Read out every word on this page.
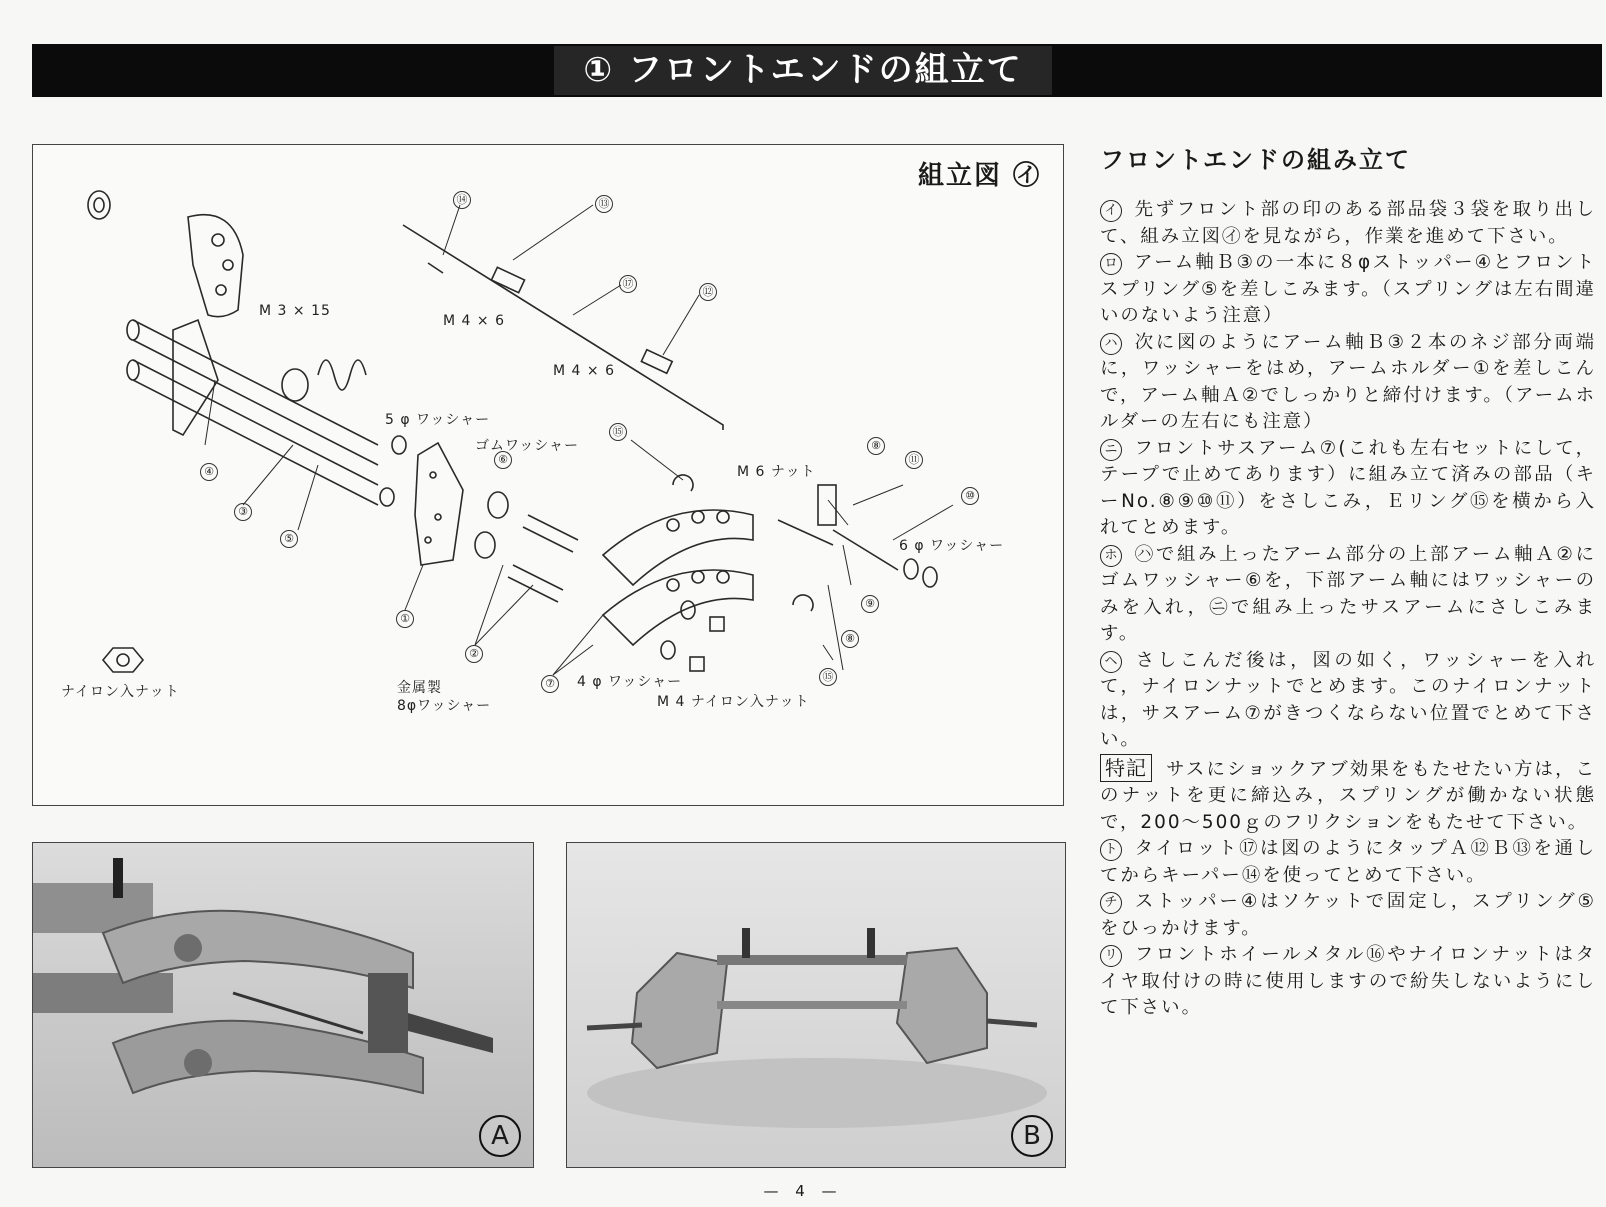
① フロントエンドの組立て
組立図 ㋑
M 3 × 15
M 4 × 6
M 4 × 6
5 φ ワッシャー
ゴムワッシャー
M 6 ナット
6 φ ワッシャー
4 φ ワッシャー
M 4 ナイロン入ナット
金属製
8φワッシャー
ナイロン入ナット
①
②
③
④
⑤
⑥
⑦
⑧
⑧
⑨
⑩
⑪
⑫
⑬
⑭
⑮
⑮
⑰
A	B
フロントエンドの組み立て

イ 先ずフロント部の印のある部品袋３袋を取り出して、組み立図㋑を見ながら，作業を進めて下さい。

ロ アーム軸Ｂ③の一本に８φストッパー④とフロントスプリング⑤を差しこみます。（スプリングは左右間違いのないよう注意）

ハ 次に図のようにアーム軸Ｂ③２本のネジ部分両端に，ワッシャーをはめ，アームホルダー①を差しこんで，アーム軸Ａ②でしっかりと締付けます。（アームホルダーの左右にも注意）

ニ フロントサスアーム⑦(これも左右セットにして，テープで止めてあります）に組み立て済みの部品（キーNo.⑧⑨⑩⑪）をさしこみ，Ｅリング⑮を横から入れてとめます。

ホ ㋩で組み上ったアーム部分の上部アーム軸Ａ②にゴムワッシャー⑥を，下部アーム軸にはワッシャーのみを入れ，㋥で組み上ったサスアームにさしこみます。

ヘ さしこんだ後は，図の如く，ワッシャーを入れて，ナイロンナットでとめます。このナイロンナットは，サスアーム⑦がきつくならない位置でとめて下さい。

特記 サスにショックアブ効果をもたせたい方は，このナットを更に締込み，スプリングが働かない状態で，200～500ｇのフリクションをもたせて下さい。

ト タイロット⑰は図のようにタップＡ⑫Ｂ⑬を通してからキーパー⑭を使ってとめて下さい。

チ ストッパー④はソケットで固定し，スプリング⑤をひっかけます。

リ フロントホイールメタル⑯やナイロンナットはタイヤ取付けの時に使用しますので紛失しないようにして下さい。

— 4 —
